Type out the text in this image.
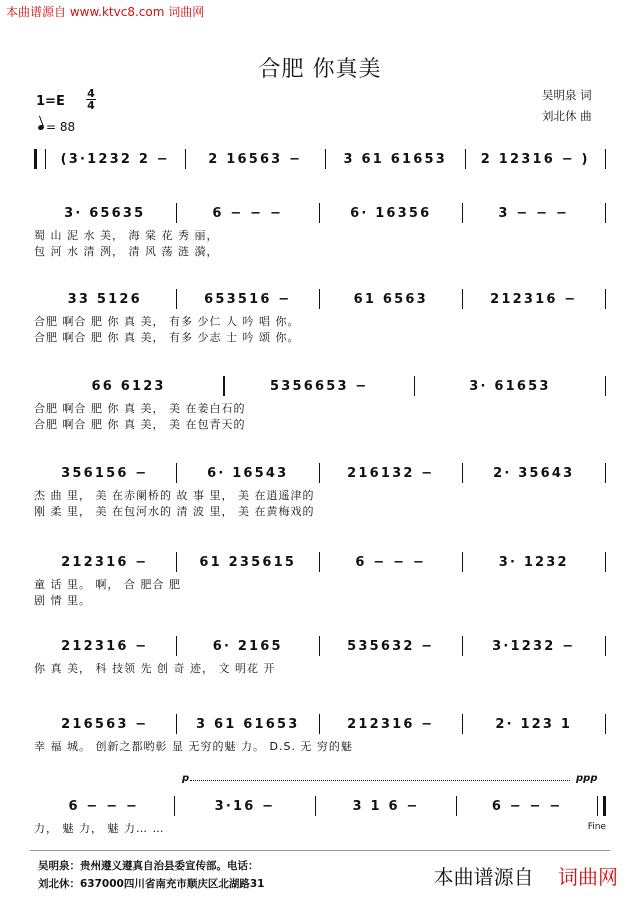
本曲谱源自 www.ktvc8.com 词曲网
合肥 你真美
吴明泉 词
刘北休 曲
1=E
4
4
= 88
(3·1232 2 −	2 16563 −	3 61 61653	2 12316 − )
3· 65635	6 − − −	6· 16356	3 − − −
蜀 山 泥 水 美， 海 棠 花 秀 丽，
包 河 水 清 洌， 清 风 荡 涟 漪，
33 5126	653516 −	61 6563	212316 −
合肥 啊合 肥 你 真 美， 有多 少仁 人 吟 唱 你。
合肥 啊合 肥 你 真 美， 有多 少志 士 吟 颂 你。
66 6123	5356653 −	3· 61653
合肥 啊合 肥 你 真 美， 美 在姜白石的
合肥 啊合 肥 你 真 美， 美 在包青天的
356156 −	6· 16543	216132 −	2· 35643
杰 曲 里， 美 在赤阑桥的 故 事 里， 美 在逍遥津的
刚 柔 里， 美 在包河水的 清 波 里， 美 在黄梅戏的
212316 −	61 235615	6 − − −	3· 1232
童 话 里。 啊， 合 肥合 肥
剧 情 里。
212316 −	6· 2165	535632 −	3·1232 −
你 真 美， 科 技领 先 创 奇 迹， 文 明花 开
216563 −	3 61 61653	212316 −	2· 123 1
幸 福 城。 创新之都哟彰 显 无穷的魅 力。 D.S. 无 穷的魅
6 − − −	3·16 −	3 1 6 −	6 − − −
力， 魅 力， 魅 力… …
p	ppp
Fine
吴明泉：贵州遵义遵真自治县委宣传部。电话：
刘北休：637000四川省南充市顺庆区北湖路31	本曲谱源自 词曲网
